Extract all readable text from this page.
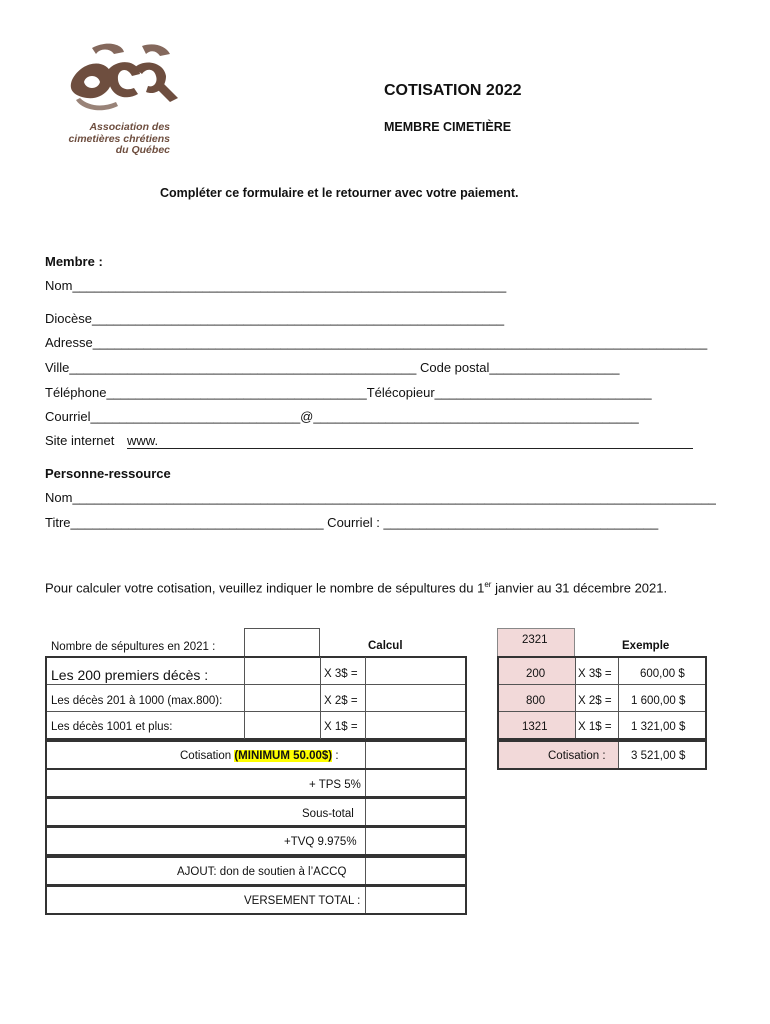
Association des
cimetières chrétiens
du Québec
COTISATION 2022
MEMBRE CIMETIÈRE
Compléter ce formulaire et le retourner avec votre paiement.
Membre :
Nom____________________________________________________________
Diocèse_________________________________________________________
Adresse_____________________________________________________________________________________
Ville________________________________________________ Code postal__________________
Téléphone____________________________________Télécopieur______________________________
Courriel_____________________________@_____________________________________________
Site internet www.
Personne-ressource
Nom_________________________________________________________________________________________
Titre___________________________________ Courriel : ______________________________________
Pour calculer votre cotisation, veuillez indiquer le nombre de sépultures du 1er janvier au 31 décembre 2021.
Nombre de sépultures en 2021 :	Calcul
Les 200 premiers décès :
Les décès 201 à 1000 (max.800):
Les décès 1001 et plus:
X 3$ =
X 2$ =
X 1$ =
Cotisation (MINIMUM 50.00$) :
+ TPS 5%
Sous-total
+TVQ 9.975%
AJOUT: don de soutien à l’ACCQ
VERSEMENT TOTAL :
2321	Exemple
200
800
1321
X 3$ =
X 2$ =
X 1$ =
600,00 $
1 600,00 $
1 321,00 $
Cotisation : 3 521,00 $
